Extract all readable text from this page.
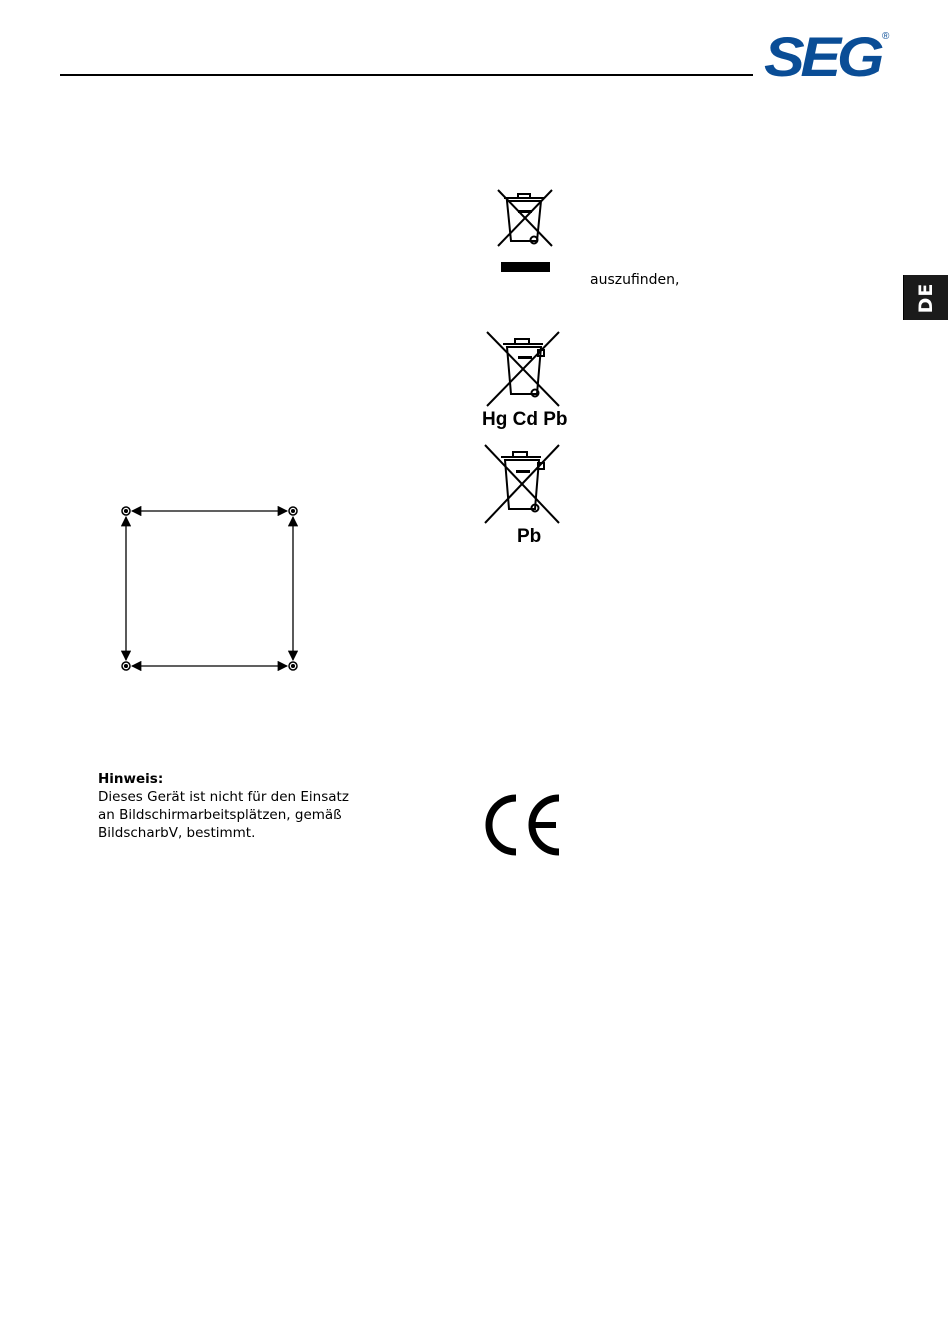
SEG ®
DE
auszufinden,
Hg Cd Pb
Pb
Hinweis:
Dieses Gerät ist nicht für den Einsatz
an Bildschirmarbeitsplätzen, gemäß
BildscharbV, bestimmt.
